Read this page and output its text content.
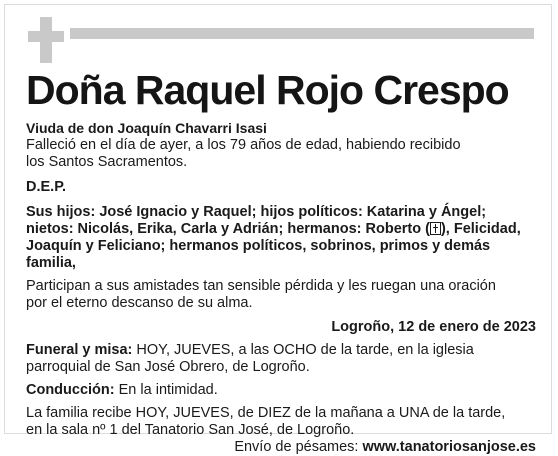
Doña Raquel Rojo Crespo
Viuda de don Joaquín Chavarri Isasi

Falleció en el día de ayer, a los 79 años de edad, habiendo recibido

los Santos Sacramentos.

D.E.P.

Sus hijos: José Ignacio y Raquel; hijos políticos: Katarina y Ángel;

nietos: Nicolás, Erika, Carla y Adrián; hermanos: Roberto ( ), Felicidad,

Joaquín y Feliciano; hermanos políticos, sobrinos, primos y demás familia,

Participan a sus amistades tan sensible pérdida y les ruegan una oración

por el eterno descanso de su alma.

Logroño, 12 de enero de 2023

Funeral y misa: HOY, JUEVES, a las OCHO de la tarde, en la iglesia

parroquial de San José Obrero, de Logroño.

Conducción: En la intimidad.

La familia recibe HOY, JUEVES, de DIEZ de la mañana a UNA de la tarde,

en la sala nº 1 del Tanatorio San José, de Logroño.

Envío de pésames: www.tanatoriosanjose.es
